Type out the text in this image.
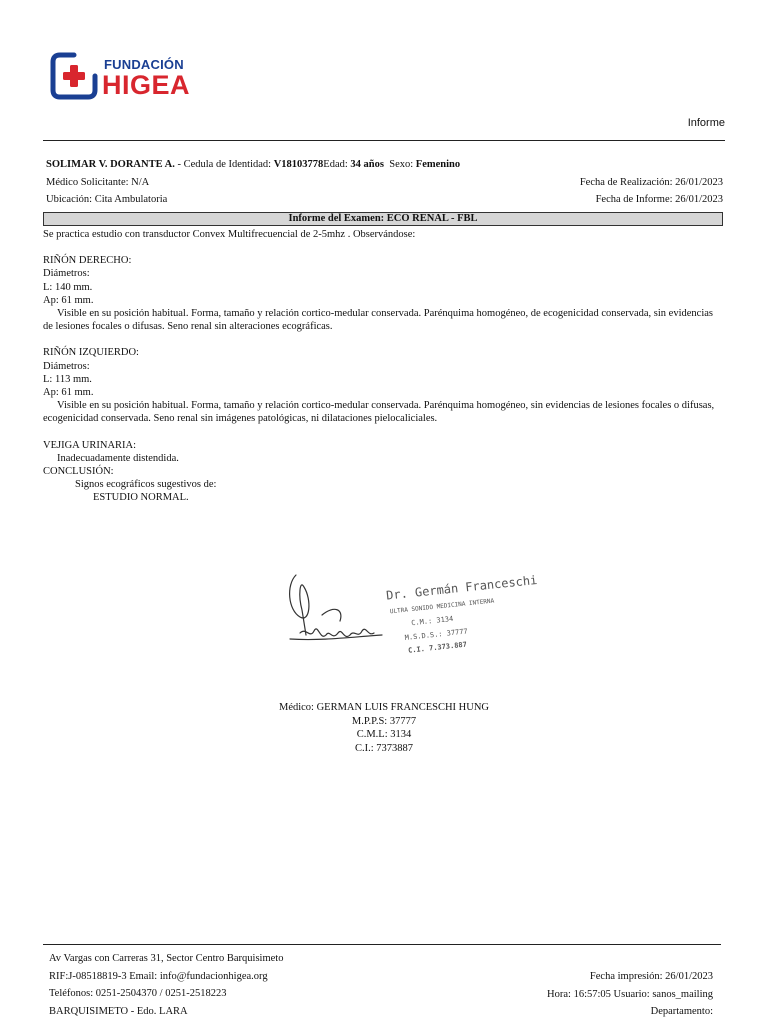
FUNDACIÓN
HIGEA
Informe
SOLIMAR V. DORANTE A. - Cedula de Identidad: V18103778Edad: 34 años Sexo: Femenino
Médico Solicitante: N/A
Ubicación: Cita Ambulatoria
Fecha de Realización: 26/01/2023
Fecha de Informe: 26/01/2023
Informe del Examen: ECO RENAL - FBL
Se practica estudio con transductor Convex Multifrecuencial de 2-5mhz . Observándose:
RIÑÓN DERECHO:
Diámetros:
L: 140 mm.
Ap: 61 mm.
Visible en su posición habitual. Forma, tamaño y relación cortico-medular conservada. Parénquima homogéneo, de ecogenicidad conservada, sin evidencias de lesiones focales o difusas. Seno renal sin alteraciones ecográficas.
RIÑÓN IZQUIERDO:
Diámetros:
L: 113 mm.
Ap: 61 mm.
Visible en su posición habitual. Forma, tamaño y relación cortico-medular conservada. Parénquima homogéneo, sin evidencias de lesiones focales o difusas, ecogenicidad conservada. Seno renal sin imágenes patológicas, ni dilataciones pielocaliciales.
VEJIGA URINARIA:
Inadecuadamente distendida.
CONCLUSIÓN:
Signos ecográficos sugestivos de:
ESTUDIO NORMAL.
Dr. Germán Franceschi
ULTRA SONIDO MEDICINA INTERNA
C.M.: 3134
M.S.D.S.: 37777
C.I. 7.373.887
Médico: GERMAN LUIS FRANCESCHI HUNG
M.P.P.S: 37777
C.M.L: 3134
C.I.: 7373887
Av Vargas con Carreras 31, Sector Centro Barquisimeto
RIF:J-08518819-3 Email: info@fundacionhigea.org
Teléfonos: 0251-2504370 / 0251-2518223
BARQUISIMETO - Edo. LARA
Fecha impresión: 26/01/2023
Hora: 16:57:05 Usuario: sanos_mailing
Departamento:
